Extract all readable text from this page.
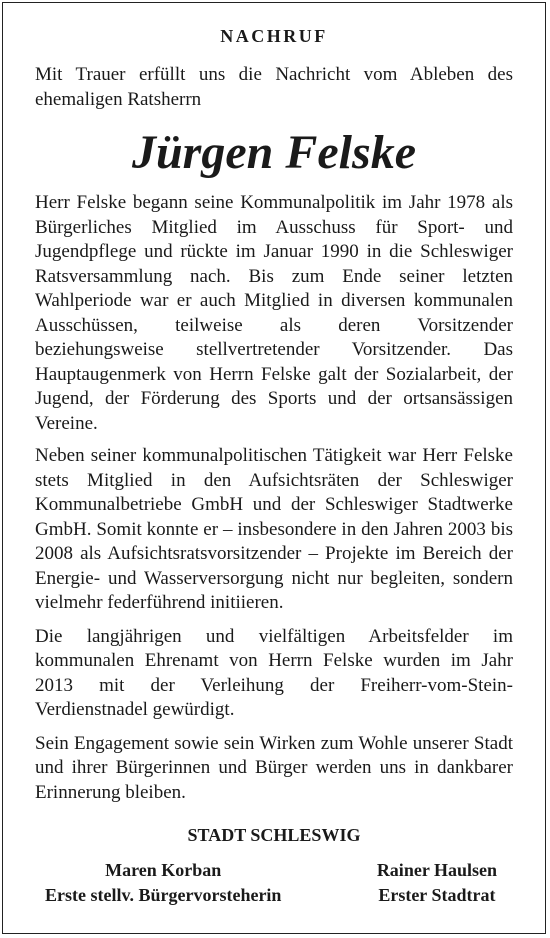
NACHRUF

Mit Trauer erfüllt uns die Nachricht vom Ableben des ehemaligen Ratsherrn

Jürgen Felske

Herr Felske begann seine Kommunalpolitik im Jahr 1978 als Bürgerliches Mitglied im Ausschuss für Sport- und Jugendpflege und rückte im Januar 1990 in die Schleswiger Ratsversammlung nach. Bis zum Ende seiner letzten Wahlperiode war er auch Mitglied in diversen kommunalen Ausschüssen, teilweise als deren Vorsitzender beziehungsweise stellvertretender Vorsitzender. Das Hauptaugenmerk von Herrn Felske galt der Sozialarbeit, der Jugend, der Förderung des Sports und der ortsansässigen Vereine.

Neben seiner kommunalpolitischen Tätigkeit war Herr Felske stets Mitglied in den Aufsichtsräten der Schleswiger Kommunalbetriebe GmbH und der Schleswiger Stadtwerke GmbH. Somit konnte er – insbesondere in den Jahren 2003 bis 2008 als Aufsichtsratsvorsitzender – Projekte im Bereich der Energie- und Wasserversorgung nicht nur begleiten, sondern vielmehr federführend initiieren.

Die langjährigen und vielfältigen Arbeitsfelder im kommunalen Ehrenamt von Herrn Felske wurden im Jahr 2013 mit der Verleihung der Freiherr-vom-Stein-Verdienstnadel gewürdigt.

Sein Engagement sowie sein Wirken zum Wohle unserer Stadt und ihrer Bürgerinnen und Bürger werden uns in dankbarer Erinnerung bleiben.

STADT SCHLESWIG
Maren Korban
Erste stellv. Bürgervorsteherin
Rainer Haulsen
Erster Stadtrat
